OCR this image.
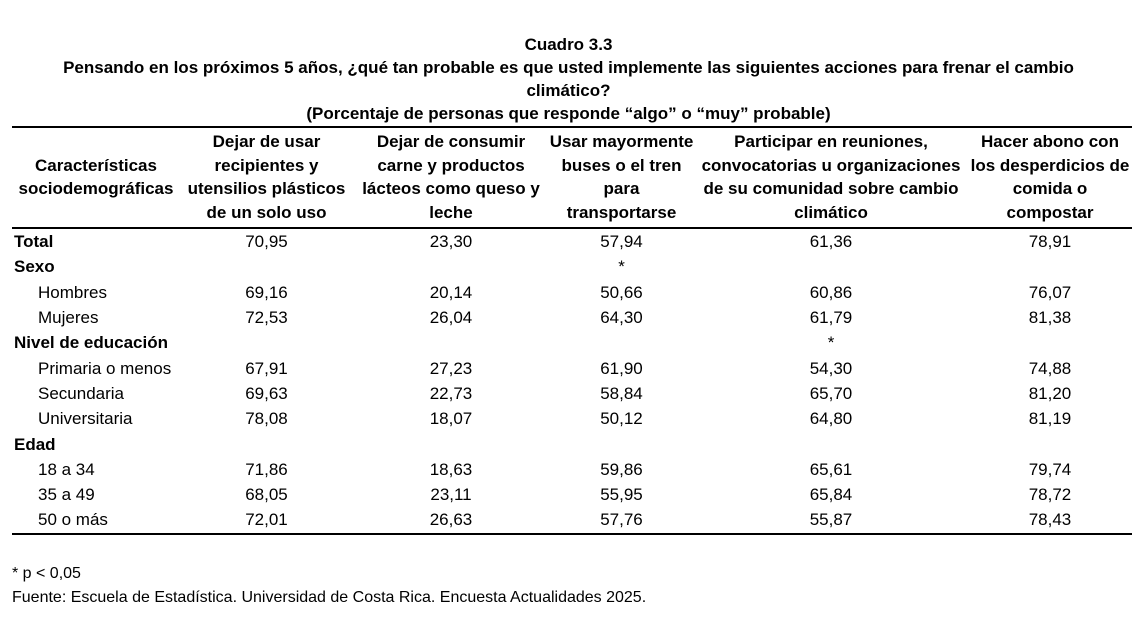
Cuadro 3.3
Pensando en los próximos 5 años, ¿qué tan probable es que usted implemente las siguientes acciones para frenar el cambio climático?
(Porcentaje de personas que responde “algo” o “muy” probable)
Características sociodemográficas	Dejar de usar recipientes y utensilios plásticos de un solo uso	Dejar de consumir carne y productos lácteos como queso y leche	Usar mayormente buses o el tren para transportarse	Participar en reuniones, convocatorias u organizaciones de su comunidad sobre cambio climático	Hacer abono con los desperdicios de comida o compostar
Total	70,95	23,30	57,94	61,36	78,91
Sexo			*		
Hombres	69,16	20,14	50,66	60,86	76,07
Mujeres	72,53	26,04	64,30	61,79	81,38
Nivel de educación				*	
Primaria o menos	67,91	27,23	61,90	54,30	74,88
Secundaria	69,63	22,73	58,84	65,70	81,20
Universitaria	78,08	18,07	50,12	64,80	81,19
Edad					
18 a 34	71,86	18,63	59,86	65,61	79,74
35 a 49	68,05	23,11	55,95	65,84	78,72
50 o más	72,01	26,63	57,76	55,87	78,43
* p < 0,05
Fuente: Escuela de Estadística. Universidad de Costa Rica. Encuesta Actualidades 2025.
